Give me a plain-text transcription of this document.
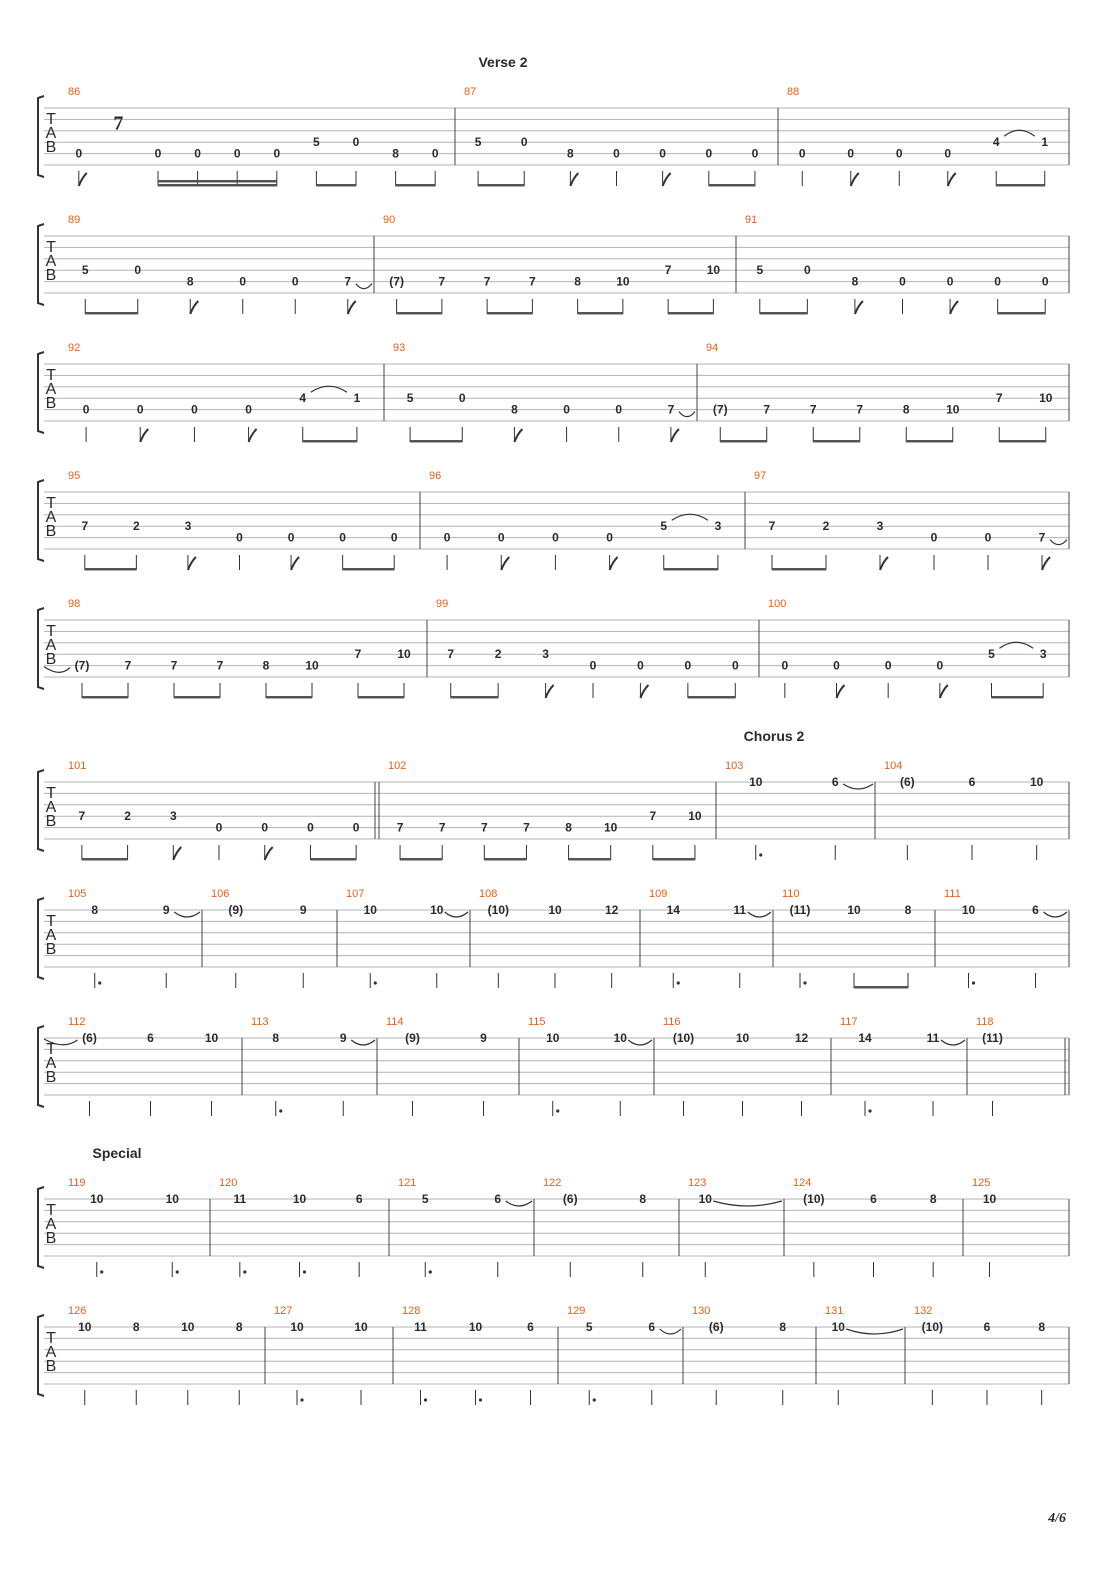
4/6
Verse 2
T
A
B
86
0
7
0	0	0	0
5	0
8	0
87
5	0
8	0	0	0	0
88
0	0	0	0
4	1
T
A
B
89
5	0
8	0	0	7
90
(7)	7	7	7	8	10
7	10
91
5	0
8	0	0	0	0
T
A
B
92
0	0	0	0
4	1
93
5	0
8	0	0	7
94
(7)	7	7	7	8	10
7	10
T
A
B
95
7	2	3
0	0	0	0
96
0	0	0	0
5	3
97
7	2	3
0	0	7
T
A
B
98
(7)	7	7	7	8	10
7	10
99
7	2	3
0	0	0	0
100
0	0	0	0
5	3
Chorus 2
T
A
B
101
7	2	3
0	0	0	0
102
7	7	7	7	8	10
7	10
103
10	6
104
(6)	6	10
T
A
B
105
8	9
106
(9)	9
107
10	10
108
(10)	10	12
109
14	11
110
(11)	10	8
111
10	6
T
A
B
112
(6)	6	10
113
8	9
114
(9)	9
115
10	10
116
(10)	10	12
117
14	11
118
(11)
Special
T
A
B
119
10	10
120
11	10	6
121
5	6
122
(6)	8
123
10
124
(10)	6	8
125
10
T
A
B
126
10	8	10	8
127
10	10
128
11	10	6
129
5	6
130
(6)	8
131
10
132
(10)	6	8
